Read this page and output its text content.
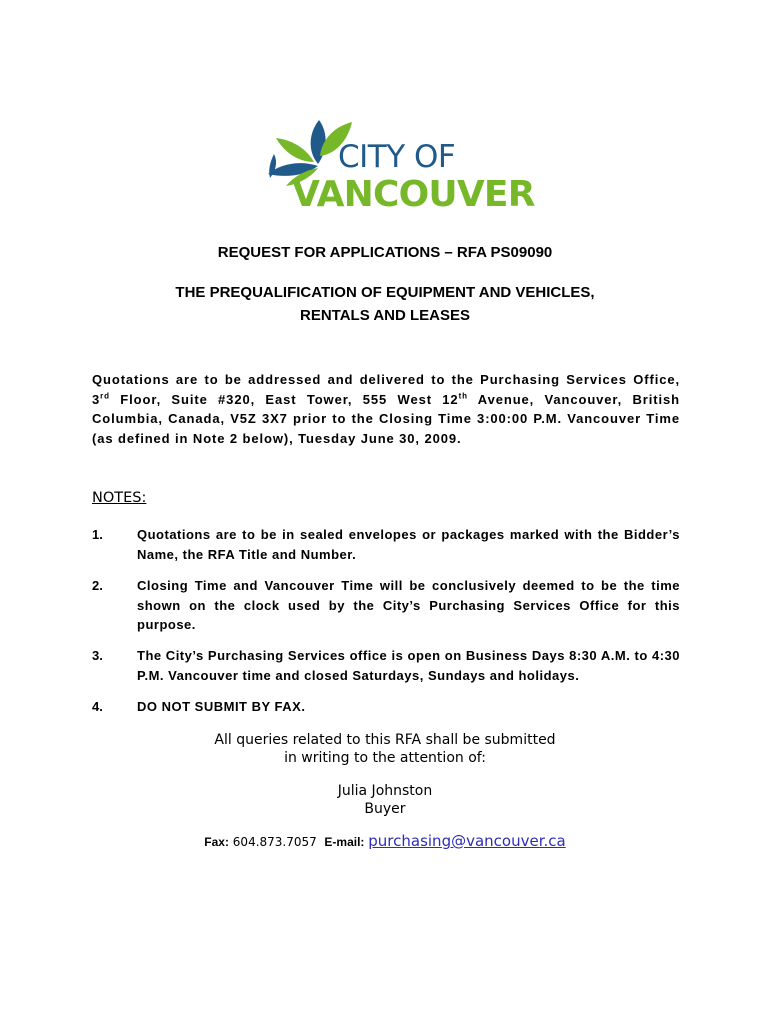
CITY OF
VANCOUVER
REQUEST FOR APPLICATIONS – RFA PS09090
THE PREQUALIFICATION OF EQUIPMENT AND VEHICLES,
RENTALS AND LEASES
Quotations are to be addressed and delivered to the Purchasing Services Office, 3rd Floor, Suite #320, East Tower, 555 West 12th Avenue, Vancouver, British Columbia, Canada, V5Z 3X7 prior to the Closing Time 3:00:00 P.M. Vancouver Time (as defined in Note 2 below), Tuesday June 30, 2009.
NOTES:
1.	Quotations are to be in sealed envelopes or packages marked with the Bidder’s Name, the RFA Title and Number.
2.	Closing Time and Vancouver Time will be conclusively deemed to be the time shown on the clock used by the City’s Purchasing Services Office for this purpose.
3.	The City’s Purchasing Services office is open on Business Days 8:30 A.M. to 4:30 P.M. Vancouver time and closed Saturdays, Sundays and holidays.
4.	DO NOT SUBMIT BY FAX.
All queries related to this RFA shall be submitted
in writing to the attention of:
Julia Johnston
Buyer
Fax: 604.873.7057 E-mail: purchasing@vancouver.ca
